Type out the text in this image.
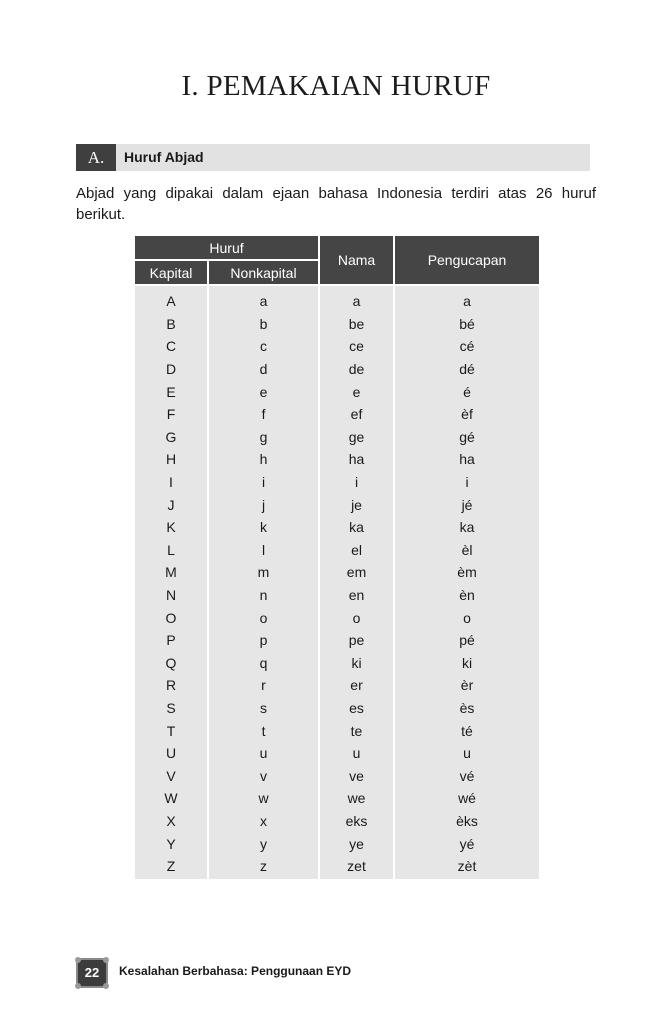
I. PEMAKAIAN HURUF
A.	Huruf Abjad
Abjad yang dipakai dalam ejaan bahasa Indonesia terdiri atas 26 huruf berikut.
Huruf		Nama	Pengucapan
Kapital	Nonkapital		
A	a	a	a
B	b	be	bé
C	c	ce	cé
D	d	de	dé
E	e	e	é
F	f	ef	èf
G	g	ge	gé
H	h	ha	ha
I	i	i	i
J	j	je	jé
K	k	ka	ka
L	l	el	èl
M	m	em	èm
N	n	en	èn
O	o	o	o
P	p	pe	pé
Q	q	ki	ki
R	r	er	èr
S	s	es	ès
T	t	te	té
U	u	u	u
V	v	ve	vé
W	w	we	wé
X	x	eks	èks
Y	y	ye	yé
Z	z	zet	zèt
22	Kesalahan Berbahasa: Penggunaan EYD
